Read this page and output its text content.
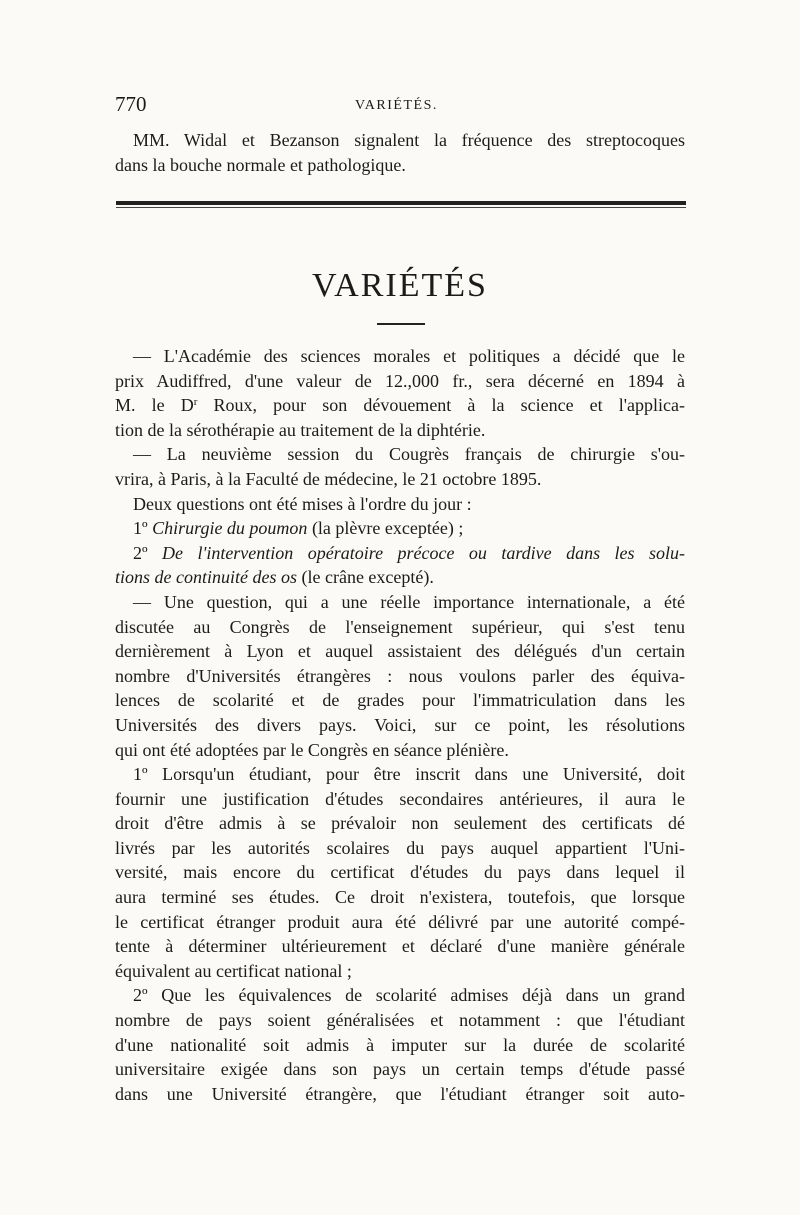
770	VARIÉTÉS.

MM. Widal et Bezanson signalent la fréquence des streptocoques

dans la bouche normale et pathologique.

VARIÉTÉS

— L'Académie des sciences morales et politiques a décidé que le

prix Audiffred, d'une valeur de 12.,000 fr., sera décerné en 1894 à

M. le $D^r$ Roux, pour son dévouement à la science et l'applica-

tion de la sérothérapie au traitement de la diphtérie.

— La neuvième session du Cougrès français de chirurgie s'ou-

vrira, à Paris, à la Faculté de médecine, le 21 octobre 1895.

Deux questions ont été mises à l'ordre du jour :

1º Chirurgie du poumon (la plèvre exceptée) ;

2º De l'intervention opératoire précoce ou tardive dans les solu-

tions de continuité des os (le crâne excepté).

— Une question, qui a une réelle importance internationale, a été

discutée au Congrès de l'enseignement supérieur, qui s'est tenu

dernièrement à Lyon et auquel assistaient des délégués d'un certain

nombre d'Universités étrangères : nous voulons parler des équiva-

lences de scolarité et de grades pour l'immatriculation dans les

Universités des divers pays. Voici, sur ce point, les résolutions

qui ont été adoptées par le Congrès en séance plénière.

1º Lorsqu'un étudiant, pour être inscrit dans une Université, doit

fournir une justification d'études secondaires antérieures, il aura le

droit d'être admis à se prévaloir non seulement des certificats dé

livrés par les autorités scolaires du pays auquel appartient l'Uni-

versité, mais encore du certificat d'études du pays dans lequel il

aura terminé ses études. Ce droit n'existera, toutefois, que lorsque

le certificat étranger produit aura été délivré par une autorité compé-

tente à déterminer ultérieurement et déclaré d'une manière générale

équivalent au certificat national ;

2º Que les équivalences de scolarité admises déjà dans un grand

nombre de pays soient généralisées et notamment : que l'étudiant

d'une nationalité soit admis à imputer sur la durée de scolarité

universitaire exigée dans son pays un certain temps d'étude passé

dans une Université étrangère, que l'étudiant étranger soit auto-
